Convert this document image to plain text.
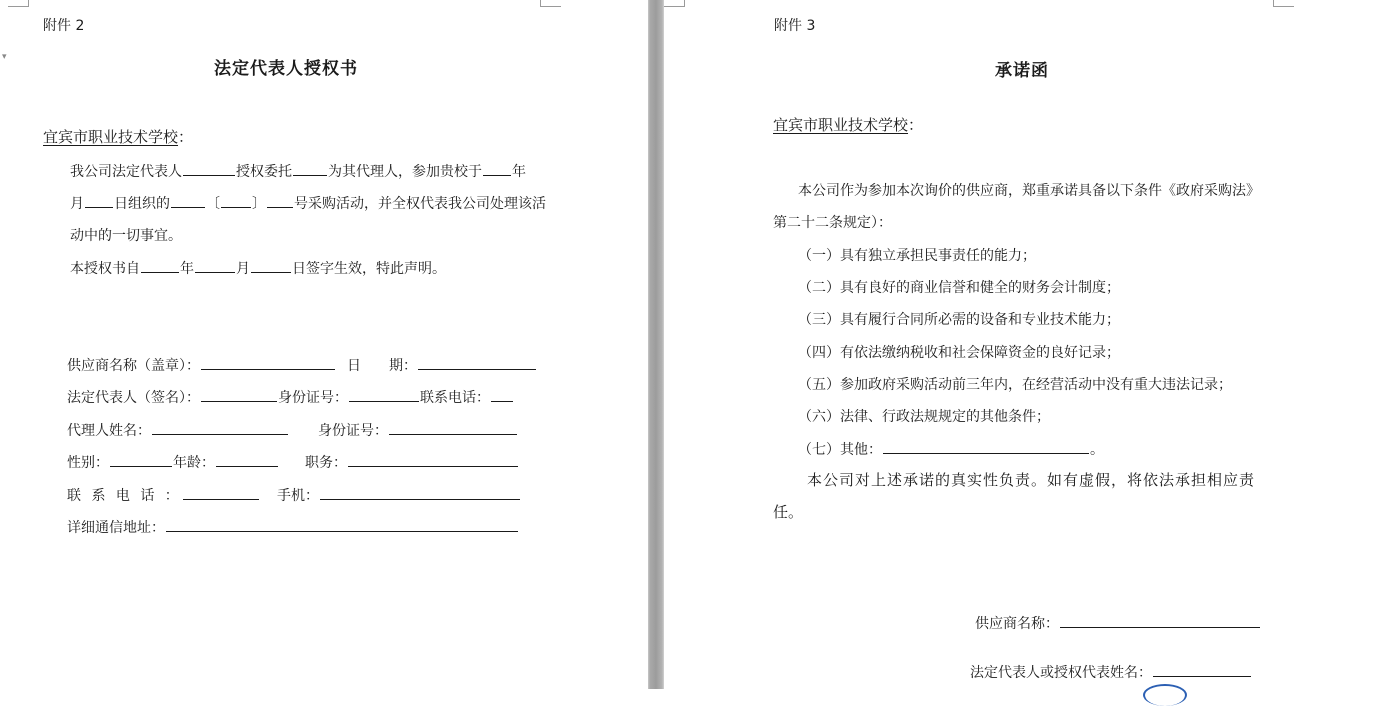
▾
附件 2
法定代表人授权书
宜宾市职业技术学校：
我公司法定代表人	授权委托	为其代理人，参加贵校于 年
月 日组织的	〔 〕 号采购活动，并全权代表我公司处理该活
动中的一切事宜。
本授权书自	年	月	日签字生效，特此声明。
供应商名称（盖章）：	日　　期：
法定代表人（签名）：	身份证号：	联系电话：
代理人姓名：	身份证号：
性别：	年龄：	职务：
联 系 电 话 ：	手机：
详细通信地址：
附件 3
承诺函
宜宾市职业技术学校：
本公司作为参加本次询价的供应商，郑重承诺具备以下条件《政府采购法》
第二十二条规定）：
（一）具有独立承担民事责任的能力；
（二）具有良好的商业信誉和健全的财务会计制度；
（三）具有履行合同所必需的设备和专业技术能力；
（四）有依法缴纳税收和社会保障资金的良好记录；
（五）参加政府采购活动前三年内，在经营活动中没有重大违法记录；
（六）法律、行政法规规定的其他条件；
（七）其他：	。
本公司对上述承诺的真实性负责。如有虚假，将依法承担相应责
任。
供应商名称：
法定代表人或授权代表姓名：
